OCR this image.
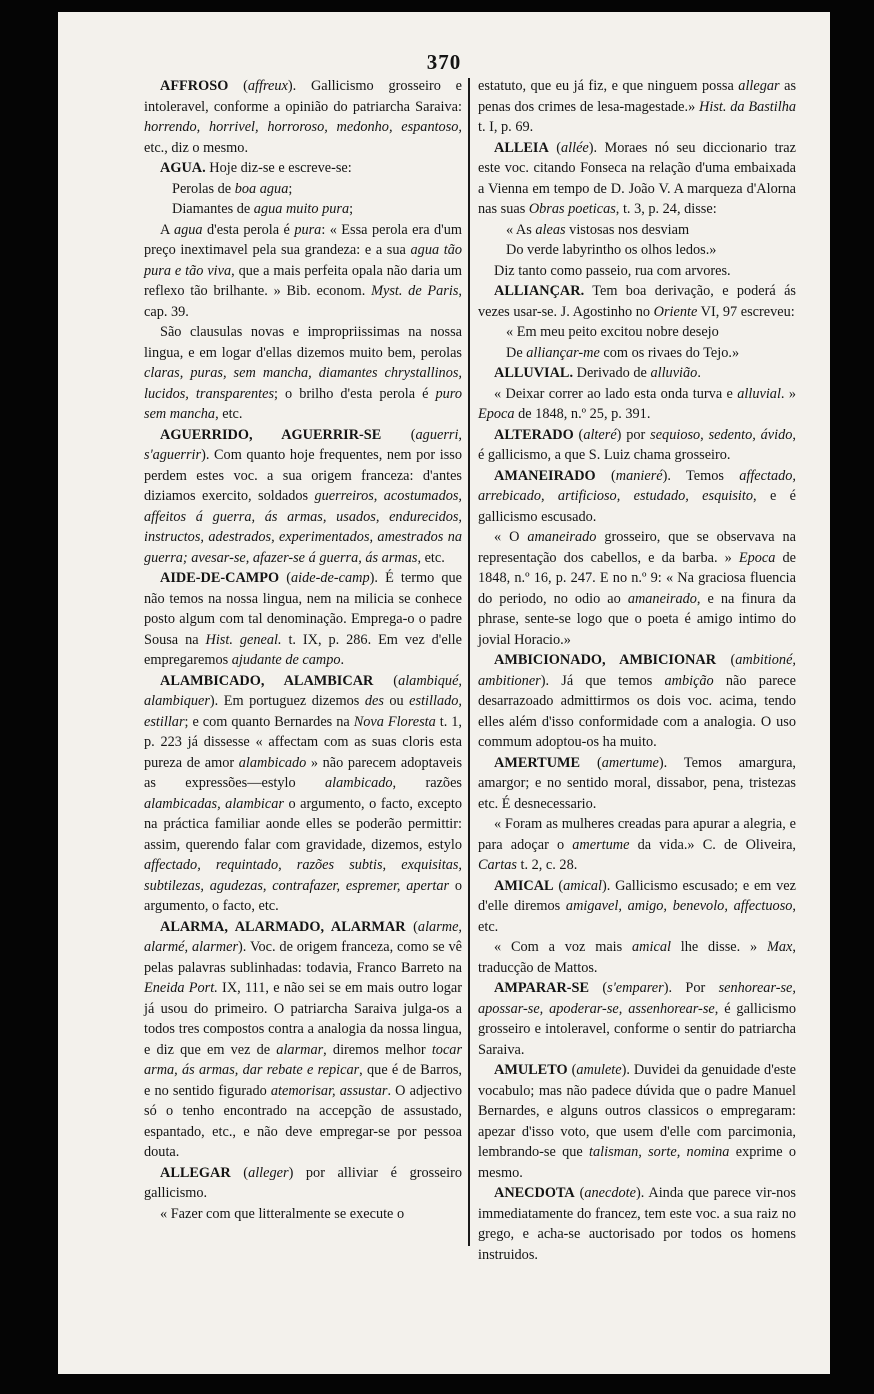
370

AFFROSO (affreux). Gallicismo grosseiro e intoleravel, conforme a opinião do patriarcha Saraiva: horrendo, horrivel, horroroso, medonho, espantoso, etc., diz o mesmo.

AGUA. Hoje diz-se e escreve-se:

Perolas de boa agua;

Diamantes de agua muito pura;

A agua d'esta perola é pura: « Essa perola era d'um preço inextimavel pela sua grandeza: e a sua agua tão pura e tão viva, que a mais perfeita opala não daria um reflexo tão brilhante. » Bib. econom. Myst. de Paris, cap. 39.

São clausulas novas e impropriissimas na nossa lingua, e em logar d'ellas dizemos muito bem, perolas claras, puras, sem mancha, diamantes chrystallinos, lucidos, transparentes; o brilho d'esta perola é puro sem mancha, etc.

AGUERRIDO, AGUERRIR-SE (aguerri, s'aguerrir). Com quanto hoje frequentes, nem por isso perdem estes voc. a sua origem franceza: d'antes diziamos exercito, soldados guerreiros, acostumados, affeitos á guerra, ás armas, usados, endurecidos, instructos, adestrados, experimentados, amestrados na guerra; avesar-se, afazer-se á guerra, ás armas, etc.

AIDE-DE-CAMPO (aide-de-camp). É termo que não temos na nossa lingua, nem na milicia se conhece posto algum com tal denominação. Emprega-o o padre Sousa na Hist. geneal. t. IX, p. 286. Em vez d'elle empregaremos ajudante de campo.

ALAMBICADO, ALAMBICAR (alambiqué, alambiquer). Em portuguez dizemos des ou estillado, estillar; e com quanto Bernardes na Nova Floresta t. 1, p. 223 já dissesse « affectam com as suas cloris esta pureza de amor alambicado » não parecem adoptaveis as expressões—estylo alambicado, razões alambicadas, alambicar o argumento, o facto, excepto na práctica familiar aonde elles se poderão permittir: assim, querendo falar com gravidade, dizemos, estylo affectado, requintado, razões subtis, exquisitas, subtilezas, agudezas, contrafazer, espremer, apertar o argumento, o facto, etc.

ALARMA, ALARMADO, ALARMAR (alarme, alarmé, alarmer). Voc. de origem franceza, como se vê pelas palavras sublinhadas: todavia, Franco Barreto na Eneida Port. IX, 111, e não sei se em mais outro logar já usou do primeiro. O patriarcha Saraiva julga-os a todos tres compostos contra a analogia da nossa lingua, e diz que em vez de alarmar, diremos melhor tocar arma, ás armas, dar rebate e repicar, que é de Barros, e no sentido figurado atemorisar, assustar. O adjectivo só o tenho encontrado na accepção de assustado, espantado, etc., e não deve empregar-se por pessoa douta.

ALLEGAR (alleger) por alliviar é grosseiro gallicismo.

« Fazer com que litteralmente se execute o

estatuto, que eu já fiz, e que ninguem possa allegar as penas dos crimes de lesa-magestade.» Hist. da Bastilha t. I, p. 69.

ALLEIA (allée). Moraes nó seu diccionario traz este voc. citando Fonseca na relação d'uma embaixada a Vienna em tempo de D. João V. A marqueza d'Alorna nas suas Obras poeticas, t. 3, p. 24, disse:

« As aleas vistosas nos desviam

Do verde labyrintho os olhos ledos.»

Diz tanto como passeio, rua com arvores.

ALLIANÇAR. Tem boa derivação, e poderá ás vezes usar-se. J. Agostinho no Oriente VI, 97 escreveu:

« Em meu peito excitou nobre desejo

De alliançar-me com os rivaes do Tejo.»

ALLUVIAL. Derivado de alluvião.

« Deixar correr ao lado esta onda turva e alluvial. » Epoca de 1848, n.º 25, p. 391.

ALTERADO (alteré) por sequioso, sedento, ávido, é gallicismo, a que S. Luiz chama grosseiro.

AMANEIRADO (manieré). Temos affectado, arrebicado, artificioso, estudado, esquisito, e é gallicismo escusado.

« O amaneirado grosseiro, que se observava na representação dos cabellos, e da barba. » Epoca de 1848, n.º 16, p. 247. E no n.º 9: « Na graciosa fluencia do periodo, no odio ao amaneirado, e na finura da phrase, sente-se logo que o poeta é amigo intimo do jovial Horacio.»

AMBICIONADO, AMBICIONAR (ambitioné, ambitioner). Já que temos ambição não parece desarrazoado admittirmos os dois voc. acima, tendo elles além d'isso conformidade com a analogia. O uso commum adoptou-os ha muito.

AMERTUME (amertume). Temos amargura, amargor; e no sentido moral, dissabor, pena, tristezas etc. É desnecessario.

« Foram as mulheres creadas para apurar a alegria, e para adoçar o amertume da vida.» C. de Oliveira, Cartas t. 2, c. 28.

AMICAL (amical). Gallicismo escusado; e em vez d'elle diremos amigavel, amigo, benevolo, affectuoso, etc.

« Com a voz mais amical lhe disse. » Max, traducção de Mattos.

AMPARAR-SE (s'emparer). Por senhorear-se, apossar-se, apoderar-se, assenhorear-se, é gallicismo grosseiro e intoleravel, conforme o sentir do patriarcha Saraiva.

AMULETO (amulete). Duvidei da genuidade d'este vocabulo; mas não padece dúvida que o padre Manuel Bernardes, e alguns outros classicos o empregaram: apezar d'isso voto, que usem d'elle com parcimonia, lembrando-se que talisman, sorte, nomina exprime o mesmo.

ANECDOTA (anecdote). Ainda que parece vir-nos immediatamente do francez, tem este voc. a sua raiz no grego, e acha-se auctorisado por todos os homens instruidos.
